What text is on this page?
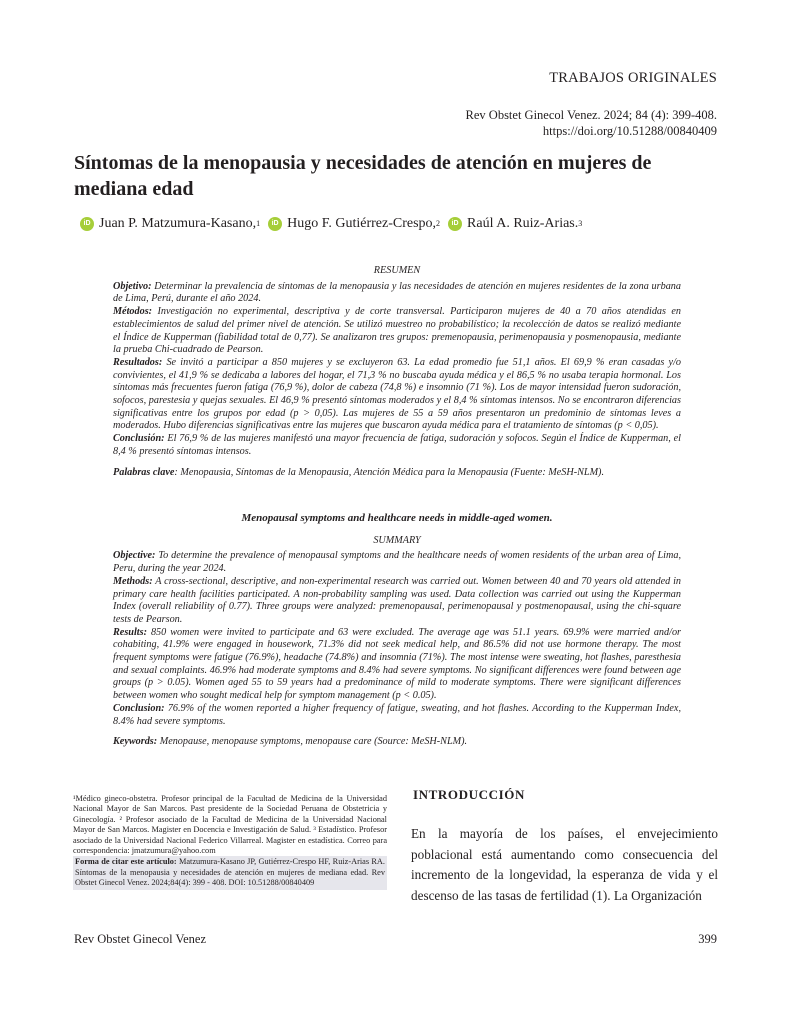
TRABAJOS ORIGINALES
Rev Obstet Ginecol Venez. 2024; 84 (4): 399-408.
https://doi.org/10.51288/00840409
Síntomas de la menopausia y necesidades de atención en mujeres de mediana edad
iD Juan P. Matzumura-Kasano,$^1$	iD Hugo F. Gutiérrez-Crespo,$^2$	iD Raúl A. Ruiz-Arias.$^3$
RESUMEN

Objetivo: Determinar la prevalencia de síntomas de la menopausia y las necesidades de atención en mujeres residentes de la zona urbana de Lima, Perú, durante el año 2024.

Métodos: Investigación no experimental, descriptiva y de corte transversal. Participaron mujeres de 40 a 70 años atendidas en establecimientos de salud del primer nivel de atención. Se utilizó muestreo no probabilístico; la recolección de datos se realizó mediante el Índice de Kupperman (fiabilidad total de 0,77). Se analizaron tres grupos: premenopausia, perimenopausia y posmenopausia, mediante la prueba Chi-cuadrado de Pearson.

Resultados: Se invitó a participar a 850 mujeres y se excluyeron 63. La edad promedio fue 51,1 años. El 69,9 % eran casadas y/o convivientes, el 41,9 % se dedicaba a labores del hogar, el 71,3 % no buscaba ayuda médica y el 86,5 % no usaba terapia hormonal. Los síntomas más frecuentes fueron fatiga (76,9 %), dolor de cabeza (74,8 %) e insomnio (71 %). Los de mayor intensidad fueron sudoración, sofocos, parestesia y quejas sexuales. El 46,9 % presentó síntomas moderados y el 8,4 % síntomas intensos. No se encontraron diferencias significativas entre los grupos por edad (p > 0,05). Las mujeres de 55 a 59 años presentaron un predominio de síntomas leves a moderados. Hubo diferencias significativas entre las mujeres que buscaron ayuda médica para el tratamiento de síntomas (p < 0,05).

Conclusión: El 76,9 % de las mujeres manifestó una mayor frecuencia de fatiga, sudoración y sofocos. Según el Índice de Kupperman, el 8,4 % presentó síntomas intensos.

Palabras clave: Menopausia, Síntomas de la Menopausia, Atención Médica para la Menopausia (Fuente: MeSH-NLM).

Menopausal symptoms and healthcare needs in middle-aged women.
SUMMARY

Objective: To determine the prevalence of menopausal symptoms and the healthcare needs of women residents of the urban area of Lima, Peru, during the year 2024.

Methods: A cross-sectional, descriptive, and non-experimental research was carried out. Women between 40 and 70 years old attended in primary care health facilities participated. A non-probability sampling was used. Data collection was carried out using the Kupperman Index (overall reliability of 0.77). Three groups were analyzed: premenopausal, perimenopausal y postmenopausal, using the chi-square tests de Pearson.

Results: 850 women were invited to participate and 63 were excluded. The average age was 51.1 years. 69.9% were married and/or cohabiting, 41.9% were engaged in housework, 71.3% did not seek medical help, and 86.5% did not use hormone therapy. The most frequent symptoms were fatigue (76.9%), headache (74.8%) and insomnia (71%). The most intense were sweating, hot flashes, paresthesia and sexual complaints. 46.9% had moderate symptoms and 8.4% had severe symptoms. No significant differences were found between age groups (p > 0.05). Women aged 55 to 59 years had a predominance of mild to moderate symptoms. There were significant differences between women who sought medical help for symptom management (p < 0.05).

Conclusion: 76.9% of the women reported a higher frequency of fatigue, sweating, and hot flashes. According to the Kupperman Index, 8.4% had severe symptoms.

Keywords: Menopause, menopause symptoms, menopause care (Source: MeSH-NLM).

¹Médico gineco-obstetra. Profesor principal de la Facultad de Medicina de la Universidad Nacional Mayor de San Marcos. Past presidente de la Sociedad Peruana de Obstetricia y Ginecología. ² Profesor asociado de la Facultad de Medicina de la Universidad Nacional Mayor de San Marcos. Magister en Docencia e Investigación de Salud. ³ Estadístico. Profesor asociado de la Universidad Nacional Federico Villarreal. Magister en estadística. Correo para correspondencia: jmatzumura@yahoo.com

Forma de citar este artículo: Matzumura-Kasano JP, Gutiérrez-Crespo HF, Ruiz-Arias RA. Síntomas de la menopausia y necesidades de atención en mujeres de mediana edad. Rev Obstet Ginecol Venez. 2024;84(4): 399 - 408. DOI: 10.51288/00840409

INTRODUCCIÓN
En la mayoría de los países, el envejecimiento poblacional está aumentando como consecuencia del incremento de la longevidad, la esperanza de vida y el descenso de las tasas de fertilidad (1). La Organización
Rev Obstet Ginecol Venez	399
